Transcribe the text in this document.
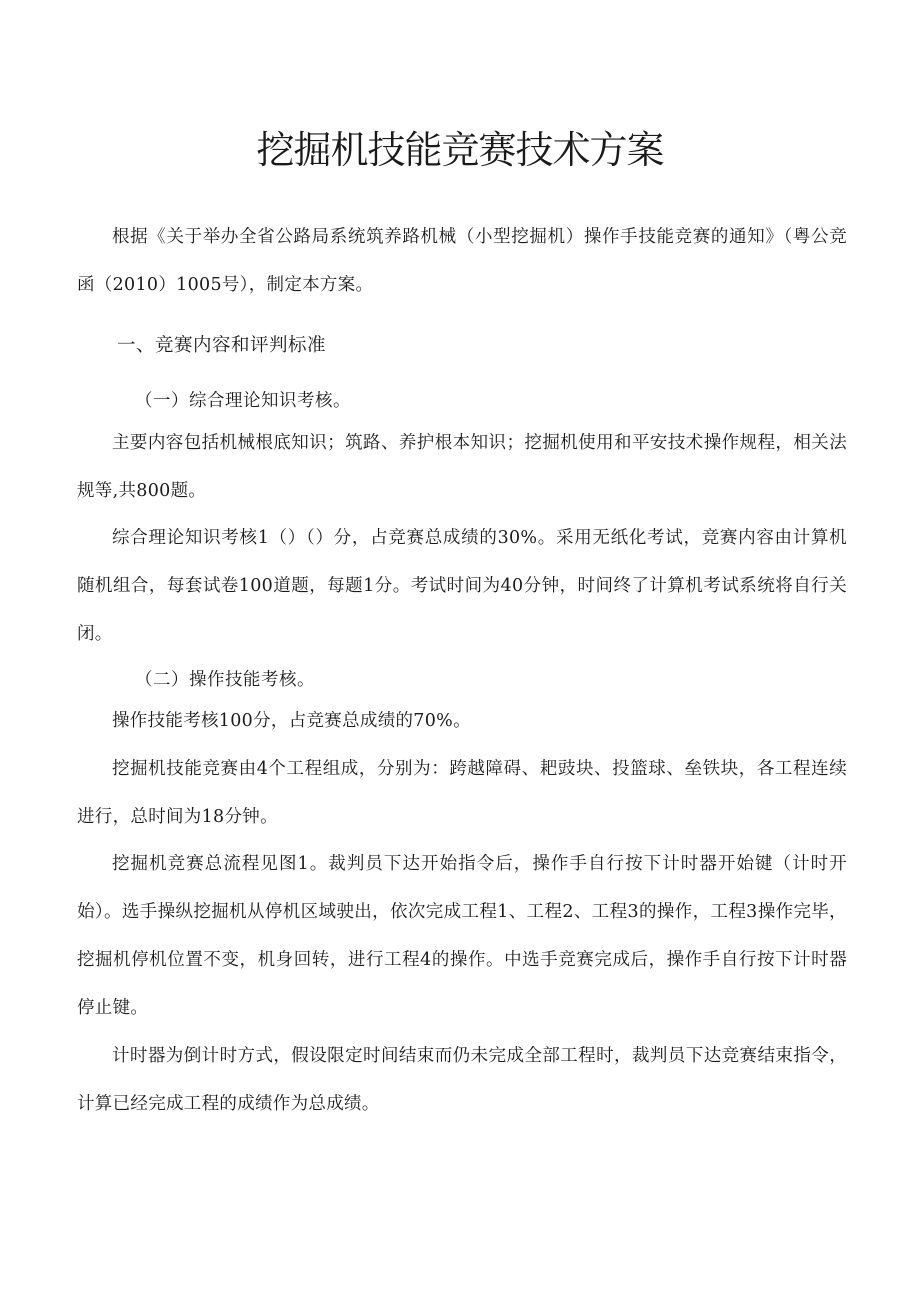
挖掘机技能竞赛技术方案

根据《关于举办全省公路局系统筑养路机械（小型挖掘机）操作手技能竞赛的通知》（粤公竞函（2010）1005号），制定本方案。

一、竞赛内容和评判标准

（一）综合理论知识考核。

主要内容包括机械根底知识；筑路、养护根本知识；挖掘机使用和平安技术操作规程，相关法规等,共800题。

综合理论知识考核1（）（）分，占竞赛总成绩的30%。采用无纸化考试，竞赛内容由计算机随机组合，每套试卷100道题，每题1分。考试时间为40分钟，时间终了计算机考试系统将自行关闭。

（二）操作技能考核。

操作技能考核100分，占竞赛总成绩的70%。

挖掘机技能竞赛由4个工程组成，分别为：跨越障碍、耙豉块、投篮球、垒铁块，各工程连续进行，总时间为18分钟。

挖掘机竞赛总流程见图1。裁判员下达开始指令后，操作手自行按下计时器开始键（计时开始）。选手操纵挖掘机从停机区域驶出，依次完成工程1、工程2、工程3的操作，工程3操作完毕，挖掘机停机位置不变，机身回转，进行工程4的操作。中选手竞赛完成后，操作手自行按下计时器停止键。

计时器为倒计时方式，假设限定时间结束而仍未完成全部工程时，裁判员下达竞赛结束指令，计算已经完成工程的成绩作为总成绩。
